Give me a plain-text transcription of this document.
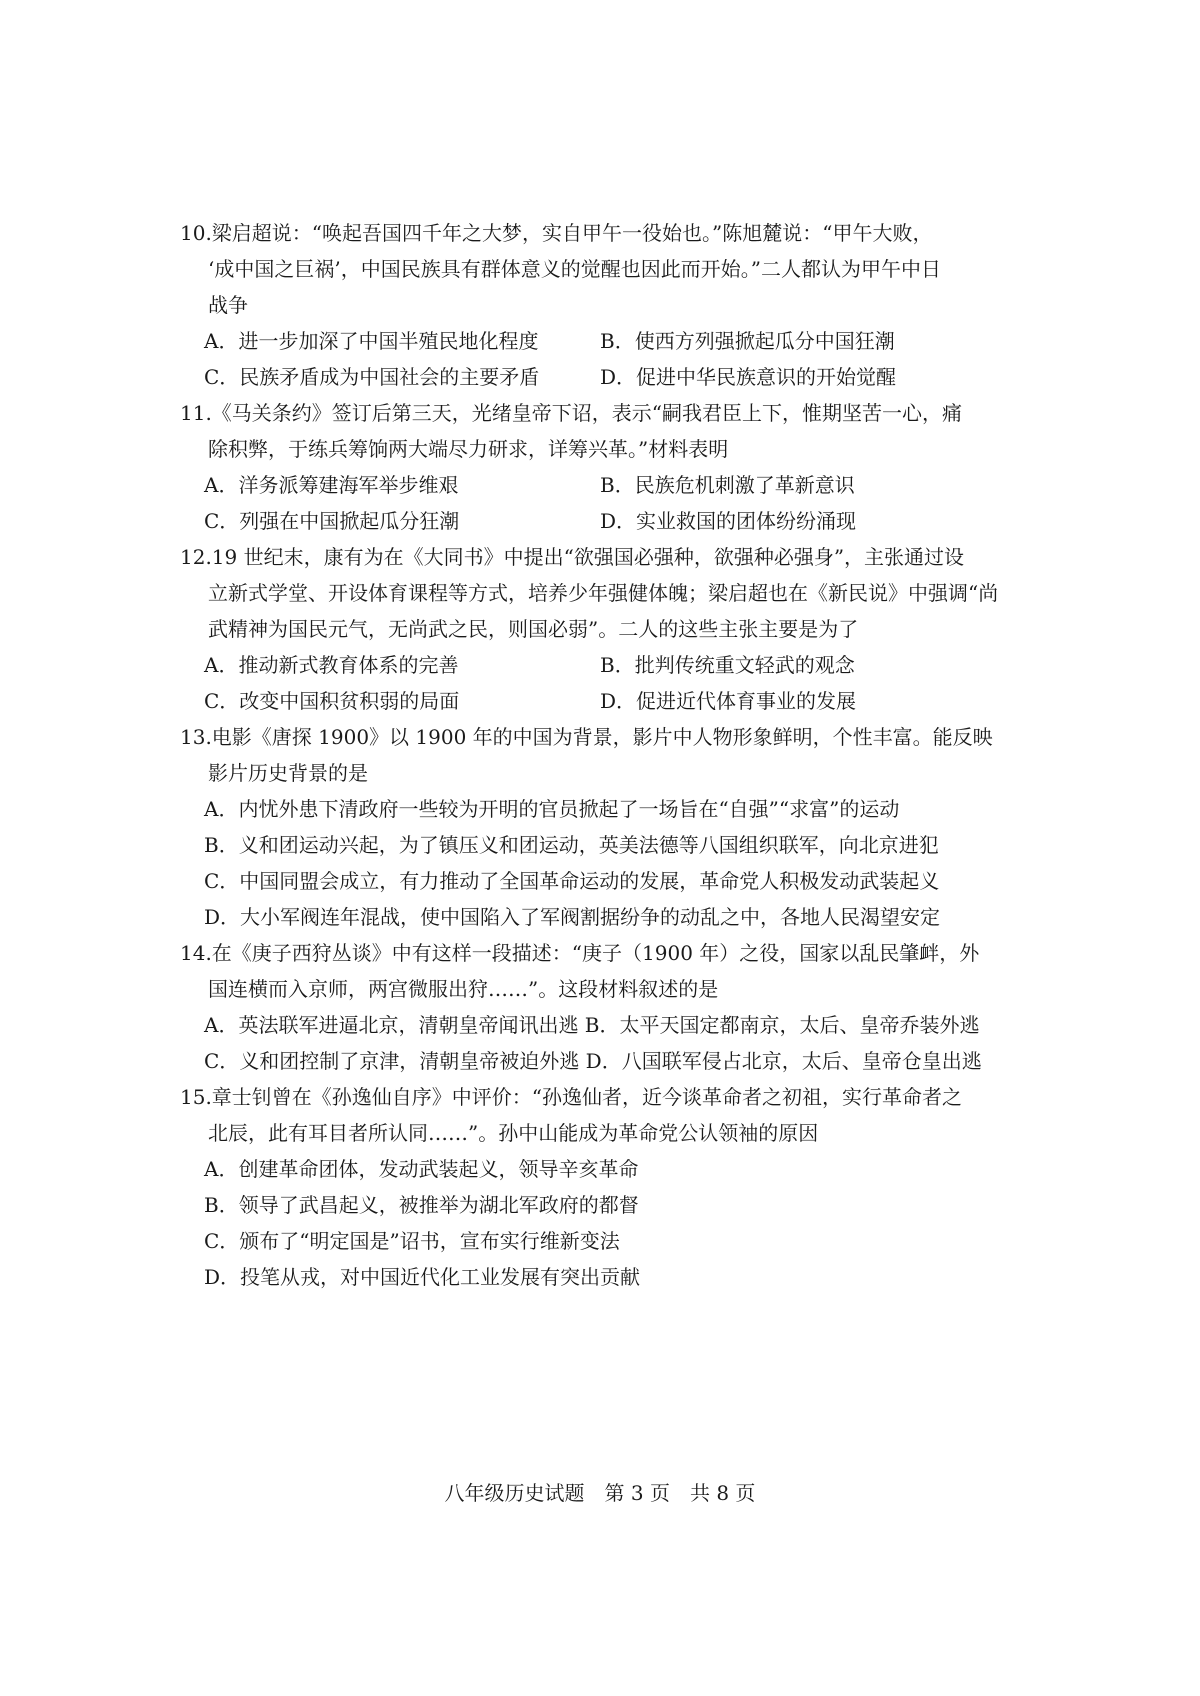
10.梁启超说：“唤起吾国四千年之大梦，实自甲午一役始也。”陈旭麓说：“甲午大败，
‘成中国之巨祸’，中国民族具有群体意义的觉醒也因此而开始。”二人都认为甲午中日
战争
A．进一步加深了中国半殖民地化程度	B．使西方列强掀起瓜分中国狂潮
C．民族矛盾成为中国社会的主要矛盾	D．促进中华民族意识的开始觉醒
11.《马关条约》签订后第三天，光绪皇帝下诏，表示“嗣我君臣上下，惟期坚苦一心，痛
除积弊，于练兵筹饷两大端尽力研求，详筹兴革。”材料表明
A．洋务派筹建海军举步维艰	B．民族危机刺激了革新意识
C．列强在中国掀起瓜分狂潮	D．实业救国的团体纷纷涌现
12.19 世纪末，康有为在《大同书》中提出“欲强国必强种，欲强种必强身”，主张通过设
立新式学堂、开设体育课程等方式，培养少年强健体魄；梁启超也在《新民说》中强调“尚
武精神为国民元气，无尚武之民，则国必弱”。二人的这些主张主要是为了
A．推动新式教育体系的完善	B．批判传统重文轻武的观念
C．改变中国积贫积弱的局面	D．促进近代体育事业的发展
13.电影《唐探 1900》以 1900 年的中国为背景，影片中人物形象鲜明，个性丰富。能反映
影片历史背景的是
A．内忧外患下清政府一些较为开明的官员掀起了一场旨在“自强”“求富”的运动
B．义和团运动兴起，为了镇压义和团运动，英美法德等八国组织联军，向北京进犯
C．中国同盟会成立，有力推动了全国革命运动的发展，革命党人积极发动武装起义
D．大小军阀连年混战，使中国陷入了军阀割据纷争的动乱之中，各地人民渴望安定
14.在《庚子西狩丛谈》中有这样一段描述：“庚子（1900 年）之役，国家以乱民肇衅，外
国连横而入京师，两宫微服出狩……”。这段材料叙述的是
A．英法联军进逼北京，清朝皇帝闻讯出逃 B．太平天国定都南京，太后、皇帝乔装外逃
C．义和团控制了京津，清朝皇帝被迫外逃 D．八国联军侵占北京，太后、皇帝仓皇出逃
15.章士钊曾在《孙逸仙自序》中评价：“孙逸仙者，近今谈革命者之初祖，实行革命者之
北辰，此有耳目者所认同……”。孙中山能成为革命党公认领袖的原因
A．创建革命团体，发动武装起义，领导辛亥革命
B．领导了武昌起义，被推举为湖北军政府的都督
C．颁布了“明定国是”诏书，宣布实行维新变法
D．投笔从戎，对中国近代化工业发展有突出贡献
八年级历史试题　第 3 页　共 8 页
